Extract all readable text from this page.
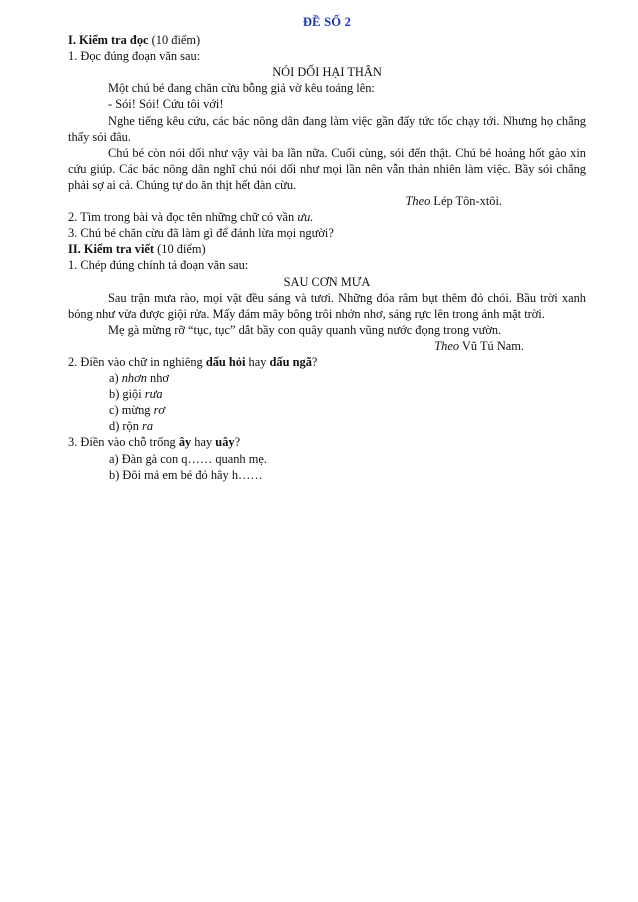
ĐỀ SỐ 2

I. Kiểm tra đọc (10 điểm)

1. Đọc đúng đoạn văn sau:

NÓI DỐI HẠI THÂN

Một chú bé đang chăn cừu bỗng giả vờ kêu toáng lên:

- Sói! Sói! Cứu tôi với!

Nghe tiếng kêu cứu, các bác nông dân đang làm việc gần đấy tức tốc chạy tới. Nhưng họ chẳng thấy sói đâu.

Chú bé còn nói dối như vậy vài ba lần nữa. Cuối cùng, sói đến thật. Chú bé hoảng hốt gào xin cứu giúp. Các bác nông dân nghĩ chú nói dối như mọi lần nên vẫn thản nhiên làm việc. Bầy sói chẳng phải sợ ai cả. Chúng tự do ăn thịt hết đàn cừu.

Theo Lép Tôn-xtôi.

2. Tìm trong bài và đọc tên những chữ có vần ưu.

3. Chú bé chăn cừu đã làm gì để đánh lừa mọi người?

II. Kiểm tra viết (10 điểm)

1. Chép đúng chính tả đoạn văn sau:

SAU CƠN MƯA

Sau trận mưa rào, mọi vật đều sáng và tươi. Những đóa râm bụt thêm đỏ chói. Bầu trời xanh bóng như vừa được giội rửa. Mấy đám mây bông trôi nhởn nhơ, sáng rực lên trong ánh mặt trời.

Mẹ gà mừng rỡ “tục, tục” dắt bầy con quây quanh vũng nước đọng trong vườn.

Theo Vũ Tú Nam.

2. Điền vào chữ in nghiêng dấu hỏi hay dấu ngã?

a) nhơn nhơ

b) giội rưa

c) mừng rơ

d) rộn ra

3. Điền vào chỗ trống ây hay uây?

a) Đàn gà con q…… quanh mẹ.

b) Đôi má em bé đỏ hây h……
